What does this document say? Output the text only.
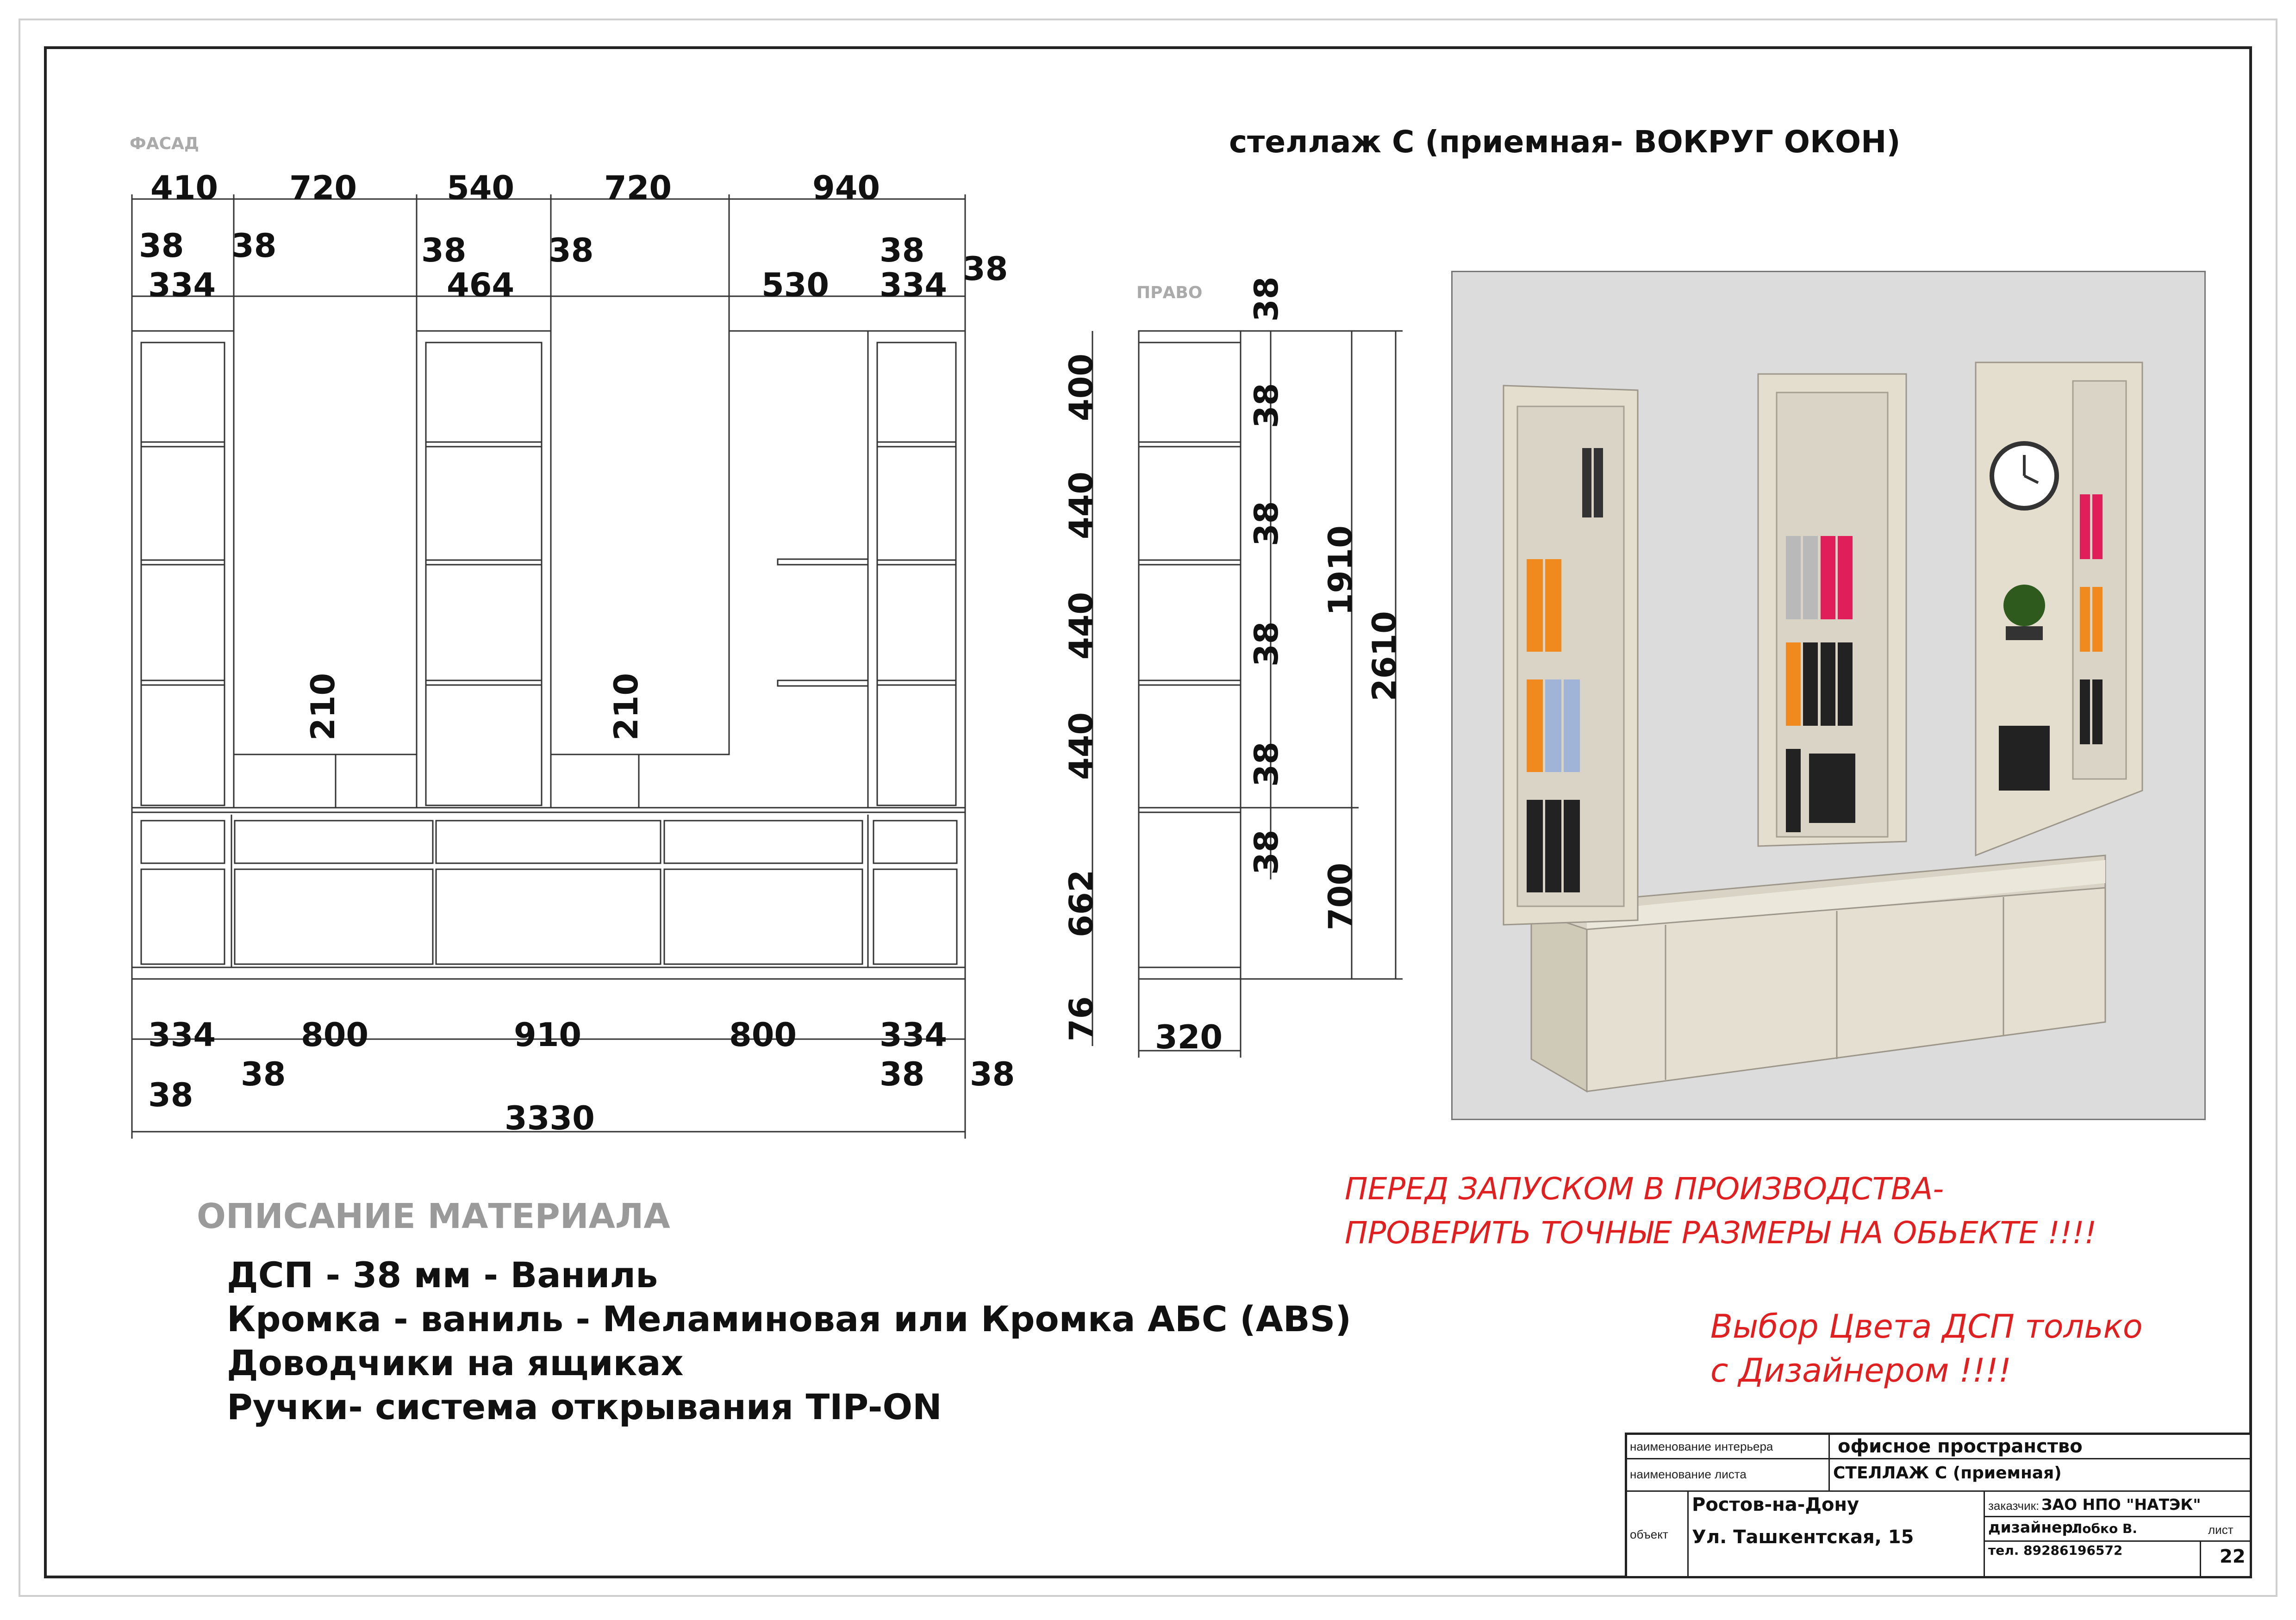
410 720	540	720	940
38 38	38	38	38 38
334	464	530 334
210	210
334	800	910	800	334
38
38	38 38
3330
400
440
440
440
662
76
38
38
38
38
38
38
1910
700
2610
320
стеллаж С (приемная- ВОКРУГ ОКОН)
ФАСАД
ПРАВО
ОПИСАНИЕ МАТЕРИАЛА
ДСП - 38 мм - Ваниль
Кромка - ваниль - Меламиновая или Кромка АБС (ABS)
Доводчики на ящиках
Ручки- система открывания TIP-ON
ПЕРЕД ЗАПУСКОМ В ПРОИЗВОДСТВА-
ПРОВЕРИТЬ ТОЧНЫЕ РАЗМЕРЫ НА ОБЬЕКТЕ !!!!
Выбор Цвета ДСП только
с Дизайнером !!!!
наименование интерьера	офисное пространство
наименование листа	СТЕЛЛАЖ С (приемная)
объект
Ростов-на-Дону
Ул. Ташкентская, 15
заказчик: ЗАО НПО "НАТЭК"
дизайнер:
Лобко В.
тел. 89286196572
лист
22
